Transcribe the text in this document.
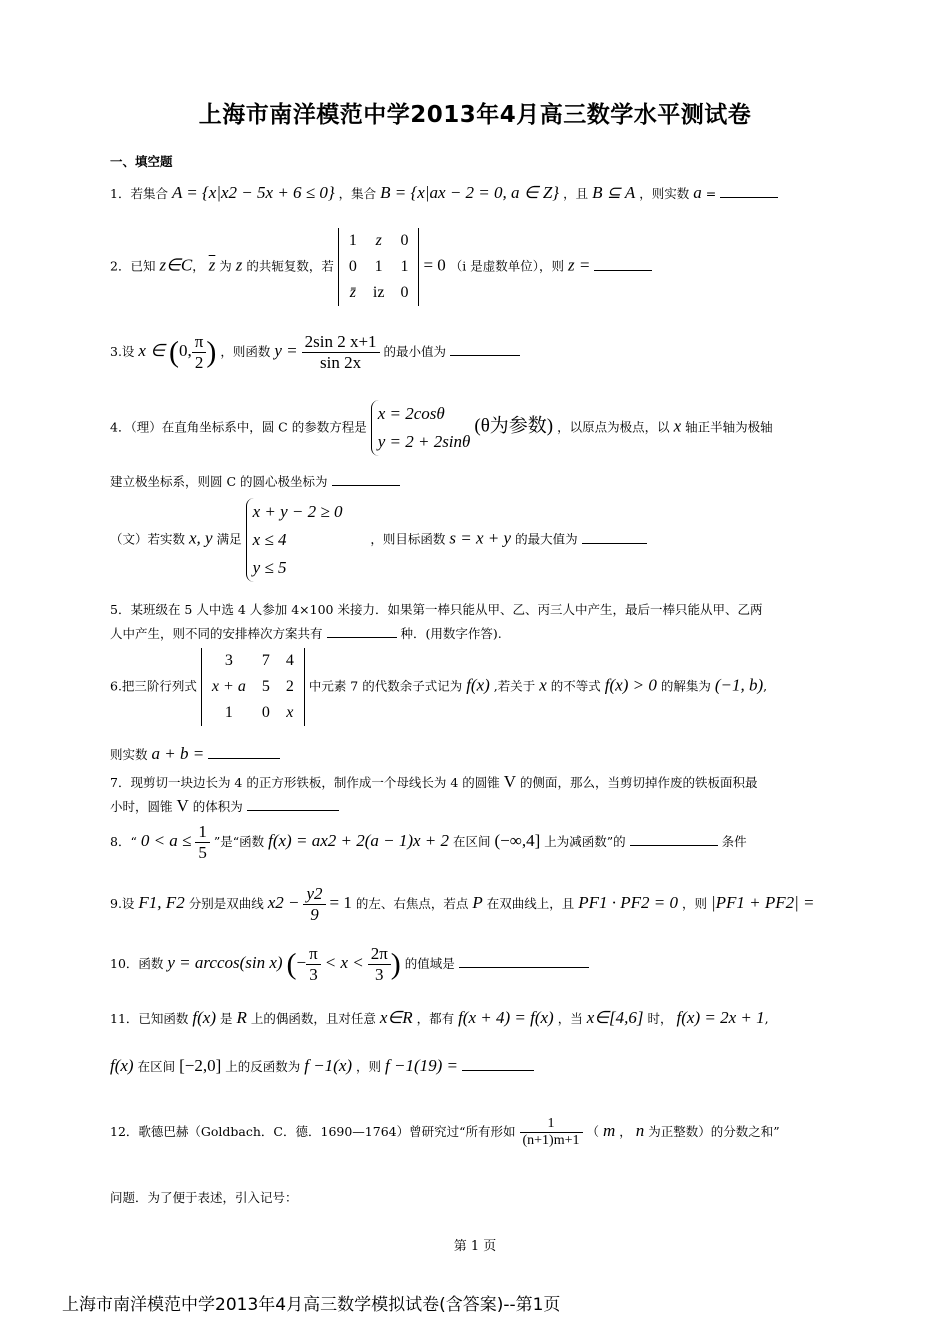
上海市南洋模范中学2013年4月高三数学水平测试卷
一、填空题
1．若集合 A = {x|x2 − 5x + 6 ≤ 0} ，集合 B = {x|ax − 2 = 0, a ∈ Z} ，且 B ⊆ A ，则实数 a =
2．已知 z∈C， $\overline{z}$ 为 z 的共轭复数，若
1	z	0
0	1	1
z̄	iz	0
= 0 （i 是虚数单位），则 z =
3.设 x ∈ (0, $\frac{\pi}{2}$ ) ，则函数 $y = \frac{2\sin 2 x+1}{\sin 2x}$ 的最小值为
4．（理）在直角坐标系中，圆 C 的参数方程是
x = 2cosθ
y = 2 + 2sinθ
(θ为参数) ，以原点为极点，以 x 轴正半轴为极轴
建立极坐标系，则圆 C 的圆心极坐标为
（文）若实数 x, y 满足
x + y − 2 ≥ 0
x ≤ 4
y ≤ 5
，则目标函数 s = x + y 的最大值为
5．某班级在 5 人中选 4 人参加 4×100 米接力．如果第一棒只能从甲、乙、丙三人中产生，最后一棒只能从甲、乙两
人中产生，则不同的安排棒次方案共有	种．(用数字作答).
6.把三阶行列式
3	7	4
x + a	5	2
1	0	x
中元素 7 的代数余子式记为 f(x) ,若关于 x 的不等式 f(x) > 0 的解集为 (−1, b),
则实数 a + b =
7．现剪切一块边长为 4 的正方形铁板，制作成一个母线长为 4 的圆锥 V 的侧面，那么，当剪切掉作废的铁板面积最
小时，圆锥 V 的体积为
8．“ $0 < a \le \frac{1}{5}$ ”是“函数 f(x) = ax2 + 2(a − 1)x + 2 在区间 (−∞,4] 上为减函数”的	条件
9.设 F1, F2 分别是双曲线 $x2 - \frac{y2}{9} = 1$ 的左、右焦点，若点 P 在双曲线上，且 PF1 · PF2 = 0 ，则 |PF1 + PF2| =
10．函数 y = arccos(sin x) (− $\frac{\pi}{3} < x < \frac{2\pi}{3}$ ) 的值域是
11．已知函数 f(x) 是 R 上的偶函数，且对任意 x∈R ，都有 f(x + 4) = f(x) ，当 x∈[4,6] 时， f(x) = 2x + 1,
f(x) 在区间 [−2,0] 上的反函数为 f −1(x) ，则 f −1(19) =
12．歌德巴赫（Goldbach．C．德．1690—1764）曾研究过“所有形如 $\frac{1}{(n+1)m+1}$ （ m ， n 为正整数）的分数之和”
问题．为了便于表述，引入记号：
第 1 页
上海市南洋模范中学2013年4月高三数学模拟试卷(含答案)--第1页
